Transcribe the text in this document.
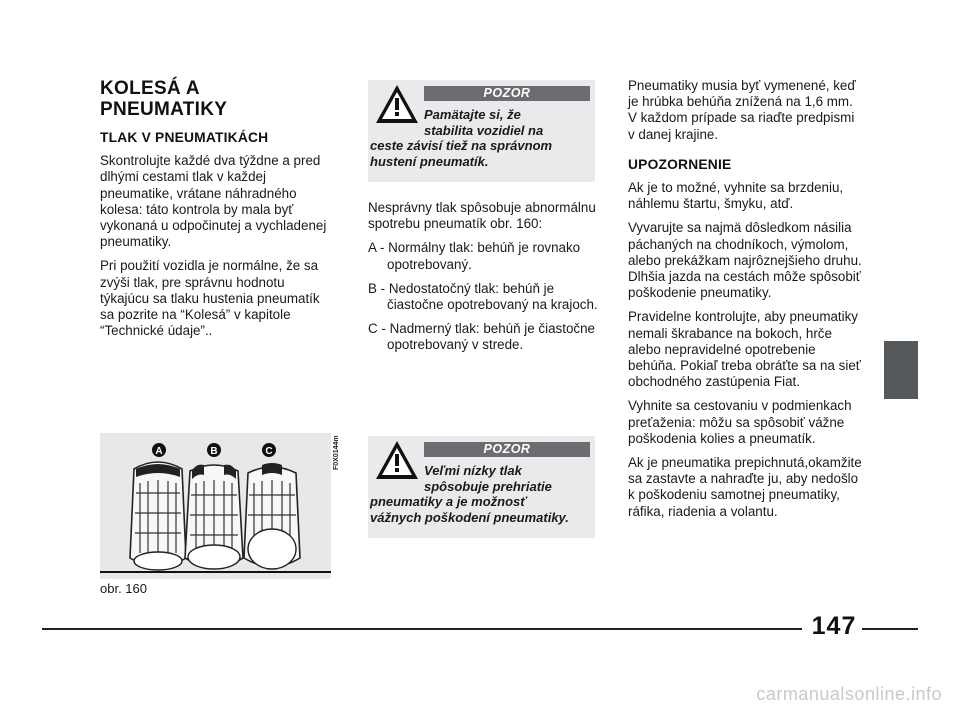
KOLESÁ A
PNEUMATIKY
TLAK V PNEUMATIKÁCH

Skontrolujte každé dva týždne a pred dlhými cestami tlak v každej pneumatike, vrátane náhradného kolesa: táto kontrola by mala byť vykonaná u odpočinutej a vychladenej pneumatiky.

Pri použití vozidla je normálne, že sa zvýši tlak, pre správnu hodnotu týkajúcu sa tlaku hustenia pneumatík sa pozrite na “Kolesá” v kapitole “Technické údaje”..

A	B	C	F0X0144m
obr. 160
POZOR
Pamätajte si, že
stabilita vozidiel na
ceste závisí tiež na správnom
hustení pneumatík.

Nesprávny tlak spôsobuje abnormálnu spotrebu pneumatík obr. 160:

A - Normálny tlak: behúň je rovnako opotrebovaný.

B - Nedostatočný tlak: behúň je čiastočne opotrebovaný na krajoch.

C - Nadmerný tlak: behúň je čiastočne opotrebovaný v strede.

POZOR
Veľmi nízky tlak
spôsobuje prehriatie
pneumatiky a je možnosť
vážnych poškodení pneumatiky.

Pneumatiky musia byť vymenené, keď je hrúbka behúňa znížená na 1,6 mm. V každom prípade sa riaďte predpismi v danej krajine.

UPOZORNENIE

Ak je to možné, vyhnite sa brzdeniu, náhlemu štartu, šmyku, atď.

Vyvarujte sa najmä dôsledkom násilia páchaných na chodníkoch, výmolom, alebo prekážkam najrôznejšieho druhu. Dlhšia jazda na cestách môže spôsobiť poškodenie pneumatiky.

Pravidelne kontrolujte, aby pneumatiky nemali škrabance na bokoch, hrče alebo nepravidelné opotrebenie behúňa. Pokiaľ treba obráťte sa na sieť obchodného zastúpenia Fiat.

Vyhnite sa cestovaniu v podmienkach preťaženia: môžu sa spôsobiť vážne poškodenia kolies a pneumatík.

Ak je pneumatika prepichnutá,okamžite sa zastavte a nahraďte ju, aby nedošlo k poškodeniu samotnej pneumatiky, ráfika, riadenia a volantu.

147
carmanualsonline.info
